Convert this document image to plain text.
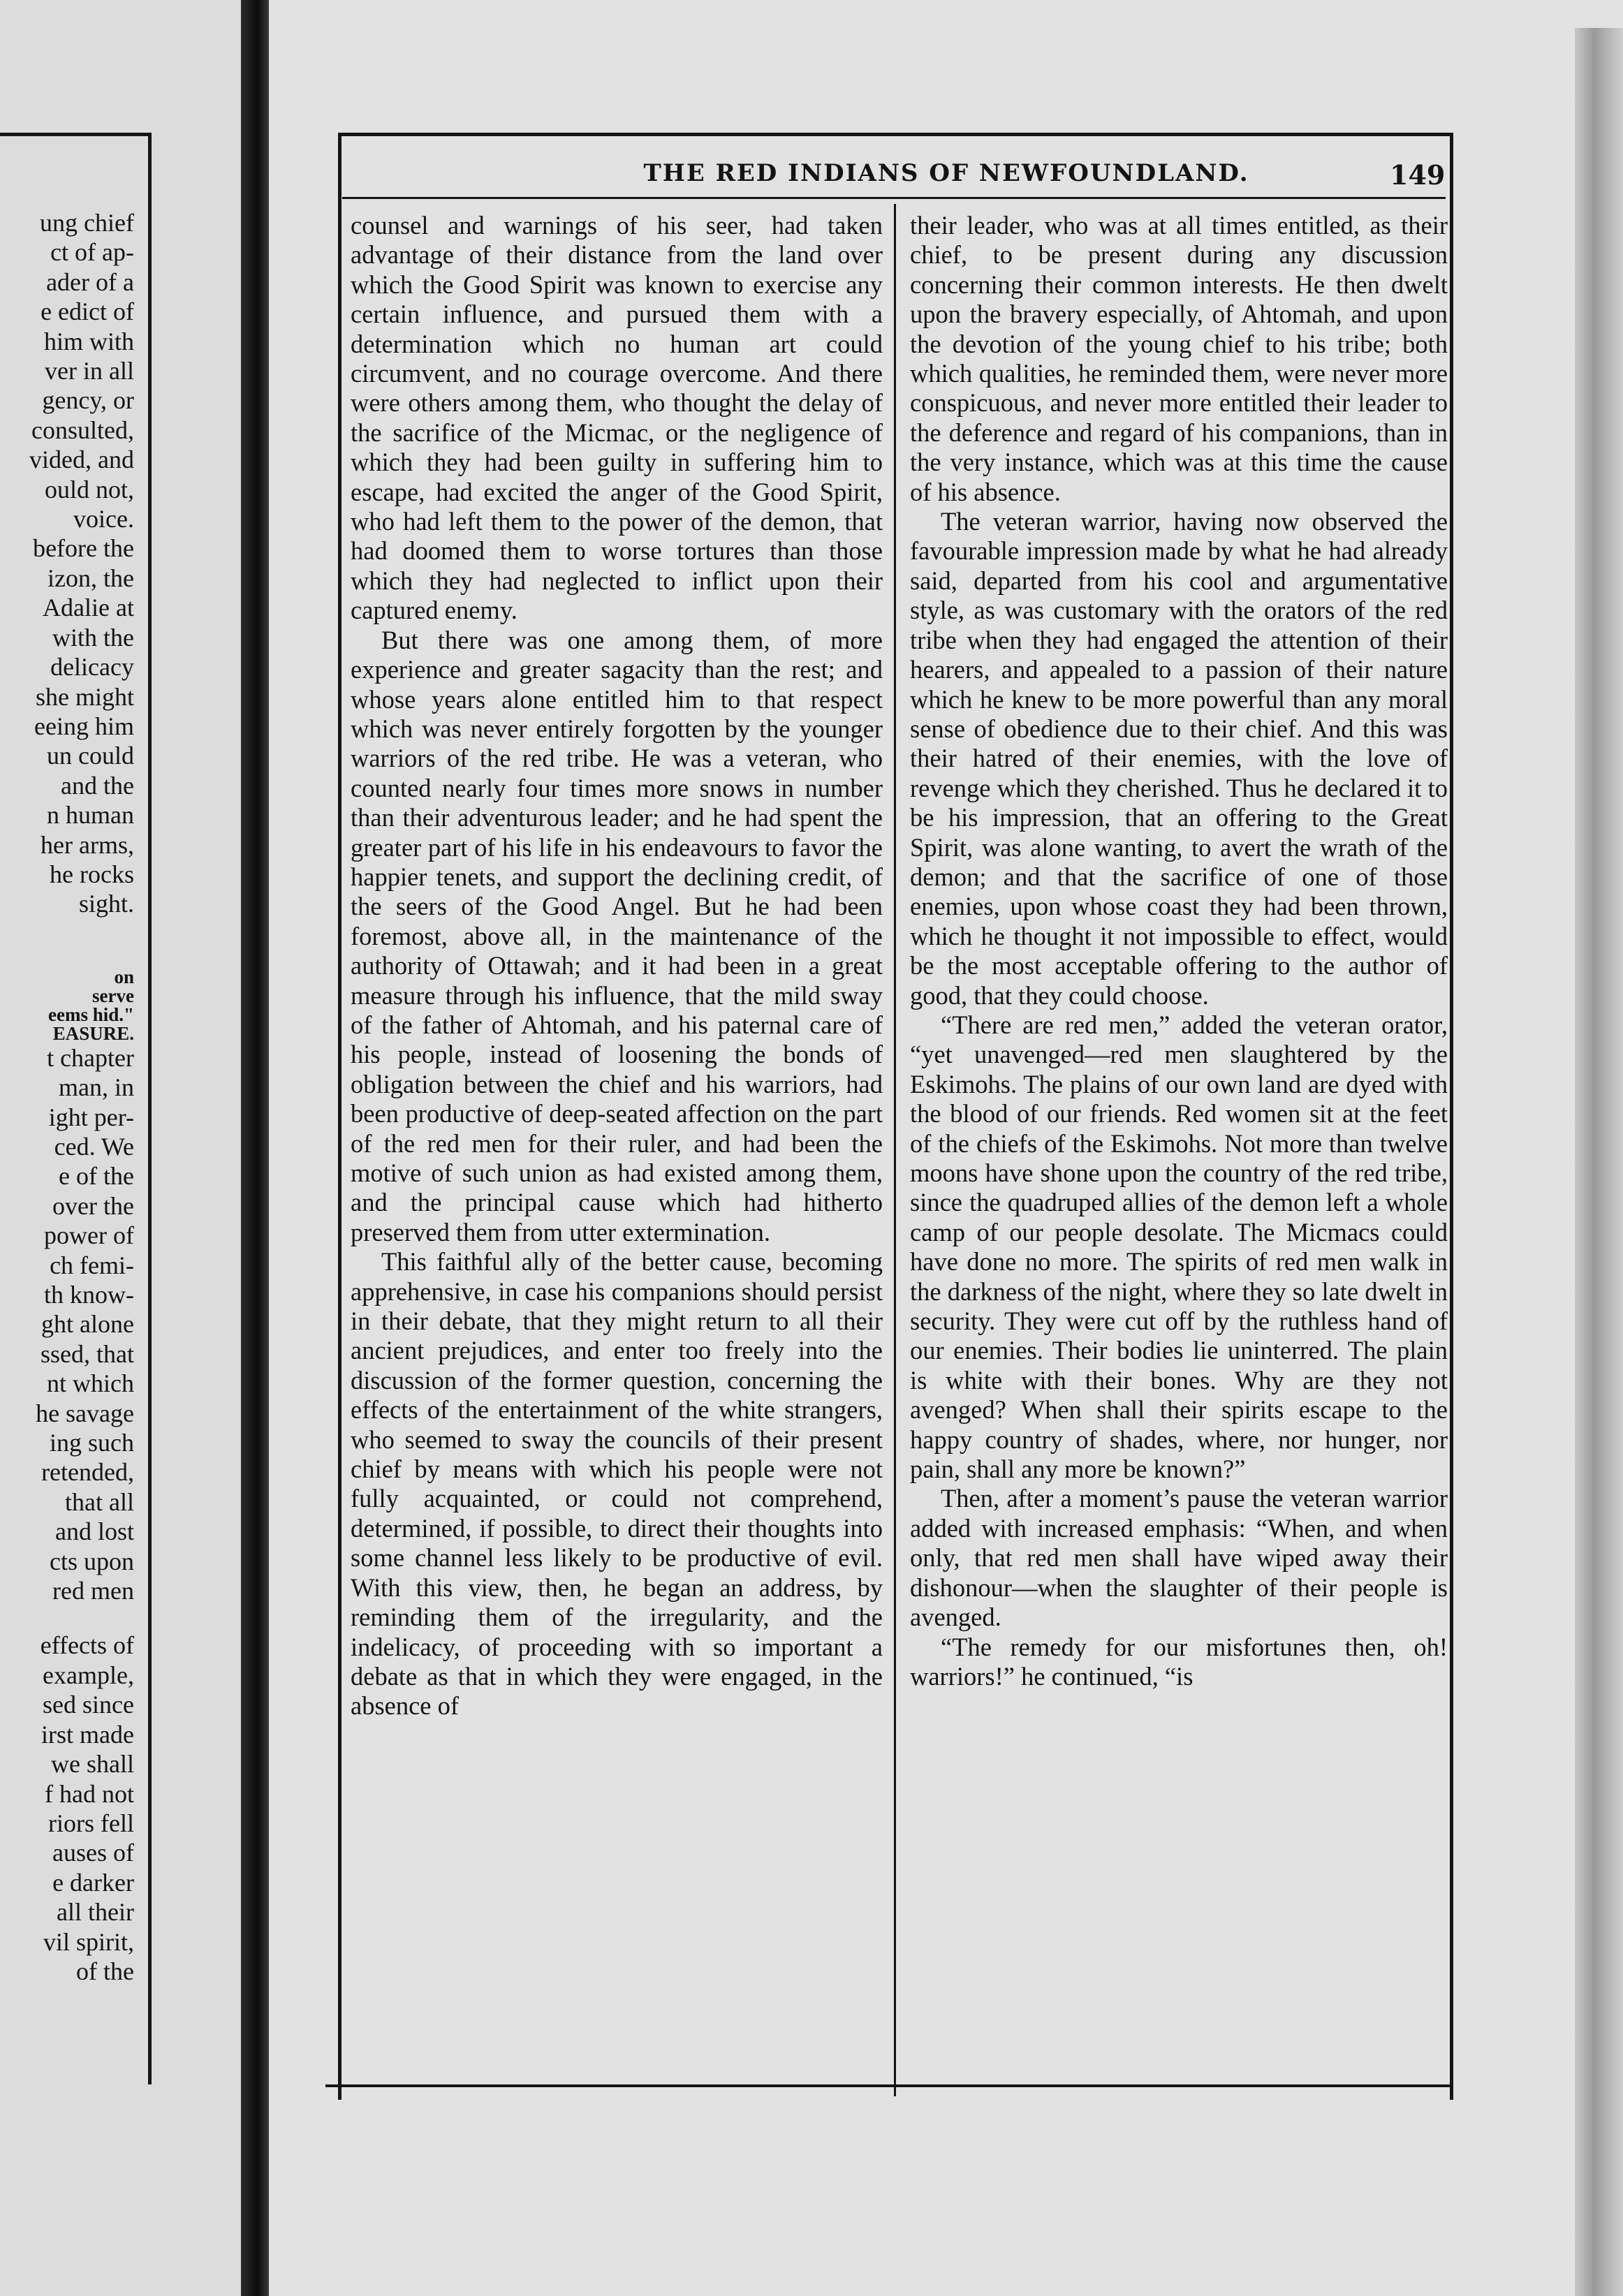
ung chief
ct of ap-
ader of a
e edict of
him with
ver in all
gency, or
consulted,
vided, and
ould not,
voice.
before the
izon, the
Adalie at
with the
delicacy
she might
eeing him
un could
and the
n human
her arms,
he rocks
sight.
on
serve
eems hid."
EASURE.
t chapter
man, in
ight per-
ced. We
e of the
over the
power of
ch femi-
th know-
ght alone
ssed, that
nt which
he savage
ing such
retended,
that all
and lost
cts upon
red men
effects of
example,
sed since
irst made
we shall
f had not
riors fell
auses of
e darker
all their
vil spirit,
of the
THE RED INDIANS OF NEWFOUNDLAND.	149

counsel and warnings of his seer, had taken advantage of their distance from the land over which the Good Spirit was known to exercise any certain influence, and pursued them with a determination which no human art could circumvent, and no courage overcome. And there were others among them, who thought the delay of the sacrifice of the Micmac, or the negligence of which they had been guilty in suffering him to escape, had excited the anger of the Good Spirit, who had left them to the power of the demon, that had doomed them to worse tortures than those which they had neglected to inflict upon their captured enemy.

But there was one among them, of more experience and greater sagacity than the rest; and whose years alone entitled him to that respect which was never entirely forgotten by the younger warriors of the red tribe. He was a veteran, who counted nearly four times more snows in number than their adventurous leader; and he had spent the greater part of his life in his endeavours to favor the happier tenets, and support the declining credit, of the seers of the Good Angel. But he had been foremost, above all, in the maintenance of the authority of Ottawah; and it had been in a great measure through his influence, that the mild sway of the father of Ahtomah, and his paternal care of his people, instead of loosening the bonds of obligation between the chief and his warriors, had been productive of deep-seated affection on the part of the red men for their ruler, and had been the motive of such union as had existed among them, and the principal cause which had hitherto preserved them from utter extermination.

This faithful ally of the better cause, becoming apprehensive, in case his companions should persist in their debate, that they might return to all their ancient prejudices, and enter too freely into the discussion of the former question, concerning the effects of the entertainment of the white strangers, who seemed to sway the councils of their present chief by means with which his people were not fully acquainted, or could not comprehend, determined, if possible, to direct their thoughts into some channel less likely to be productive of evil. With this view, then, he began an address, by reminding them of the irregularity, and the indelicacy, of proceeding with so important a debate as that in which they were engaged, in the absence of

their leader, who was at all times entitled, as their chief, to be present during any discussion concerning their common interests. He then dwelt upon the bravery especially, of Ahtomah, and upon the devotion of the young chief to his tribe; both which qualities, he reminded them, were never more conspicuous, and never more entitled their leader to the deference and regard of his companions, than in the very instance, which was at this time the cause of his absence.

The veteran warrior, having now observed the favourable impression made by what he had already said, departed from his cool and argumentative style, as was customary with the orators of the red tribe when they had engaged the attention of their hearers, and appealed to a passion of their nature which he knew to be more powerful than any moral sense of obedience due to their chief. And this was their hatred of their enemies, with the love of revenge which they cherished. Thus he declared it to be his impression, that an offering to the Great Spirit, was alone wanting, to avert the wrath of the demon; and that the sacrifice of one of those enemies, upon whose coast they had been thrown, which he thought it not impossible to effect, would be the most acceptable offering to the author of good, that they could choose.

“There are red men,” added the veteran orator, “yet unavenged—red men slaughtered by the Eskimohs. The plains of our own land are dyed with the blood of our friends. Red women sit at the feet of the chiefs of the Eskimohs. Not more than twelve moons have shone upon the country of the red tribe, since the quadruped allies of the demon left a whole camp of our people desolate. The Micmacs could have done no more. The spirits of red men walk in the darkness of the night, where they so late dwelt in security. They were cut off by the ruthless hand of our enemies. Their bodies lie uninterred. The plain is white with their bones. Why are they not avenged? When shall their spirits escape to the happy country of shades, where, nor hunger, nor pain, shall any more be known?”

Then, after a moment’s pause the veteran warrior added with increased emphasis: “When, and when only, that red men shall have wiped away their dishonour—when the slaughter of their people is avenged.

“The remedy for our misfortunes then, oh! warriors!” he continued, “is
